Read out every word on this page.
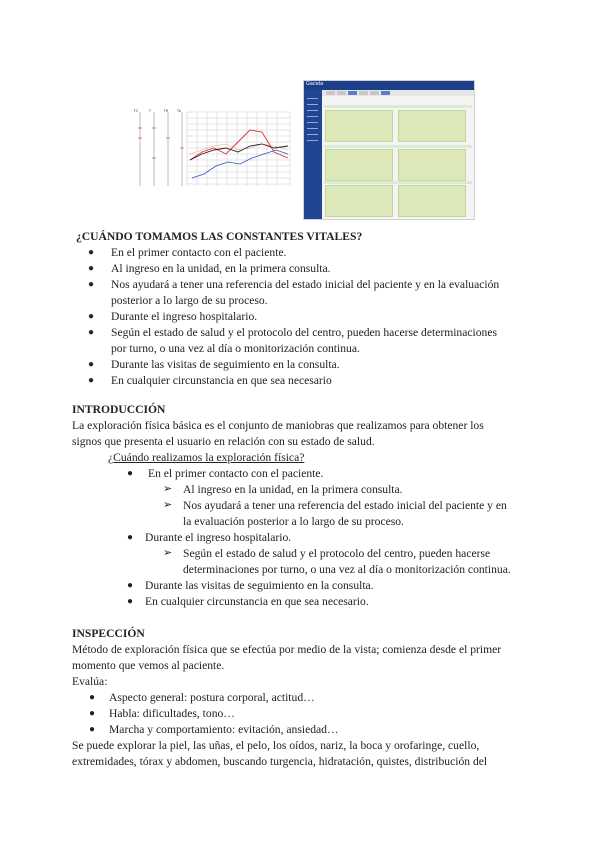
FC	T	FR	TA
Gacela
¿CUÁNDO TOMAMOS LAS CONSTANTES VITALES?
● En el primer contacto con el paciente.
● Al ingreso en la unidad, en la primera consulta.
● Nos ayudará a tener una referencia del estado inicial del paciente y en la evaluación
posterior a lo largo de su proceso.
● Durante el ingreso hospitalario.
● Según el estado de salud y el protocolo del centro, pueden hacerse determinaciones
por turno, o una vez al día o monitorización continua.
● Durante las visitas de seguimiento en la consulta.
● En cualquier circunstancia en que sea necesario
INTRODUCCIÓN
La exploración física básica es el conjunto de maniobras que realizamos para obtener los
signos que presenta el usuario en relación con su estado de salud.
¿Cuándo realizamos la exploración física?
● En el primer contacto con el paciente.
➢ Al ingreso en la unidad, en la primera consulta.
➢ Nos ayudará a tener una referencia del estado inicial del paciente y en
la evaluación posterior a lo largo de su proceso.
● Durante el ingreso hospitalario.
➢ Según el estado de salud y el protocolo del centro, pueden hacerse
determinaciones por turno, o una vez al día o monitorización continua.
● Durante las visitas de seguimiento en la consulta.
● En cualquier circunstancia en que sea necesario.
INSPECCIÓN
Método de exploración física que se efectúa por medio de la vista; comienza desde el primer
momento que vemos al paciente.
Evalúa:
● Aspecto general: postura corporal, actitud…
● Habla: dificultades, tono…
● Marcha y comportamiento: evitación, ansiedad…
Se puede explorar la piel, las uñas, el pelo, los oídos, nariz, la boca y orofaringe, cuello,
extremidades, tórax y abdomen, buscando turgencia, hidratación, quistes, distribución del
